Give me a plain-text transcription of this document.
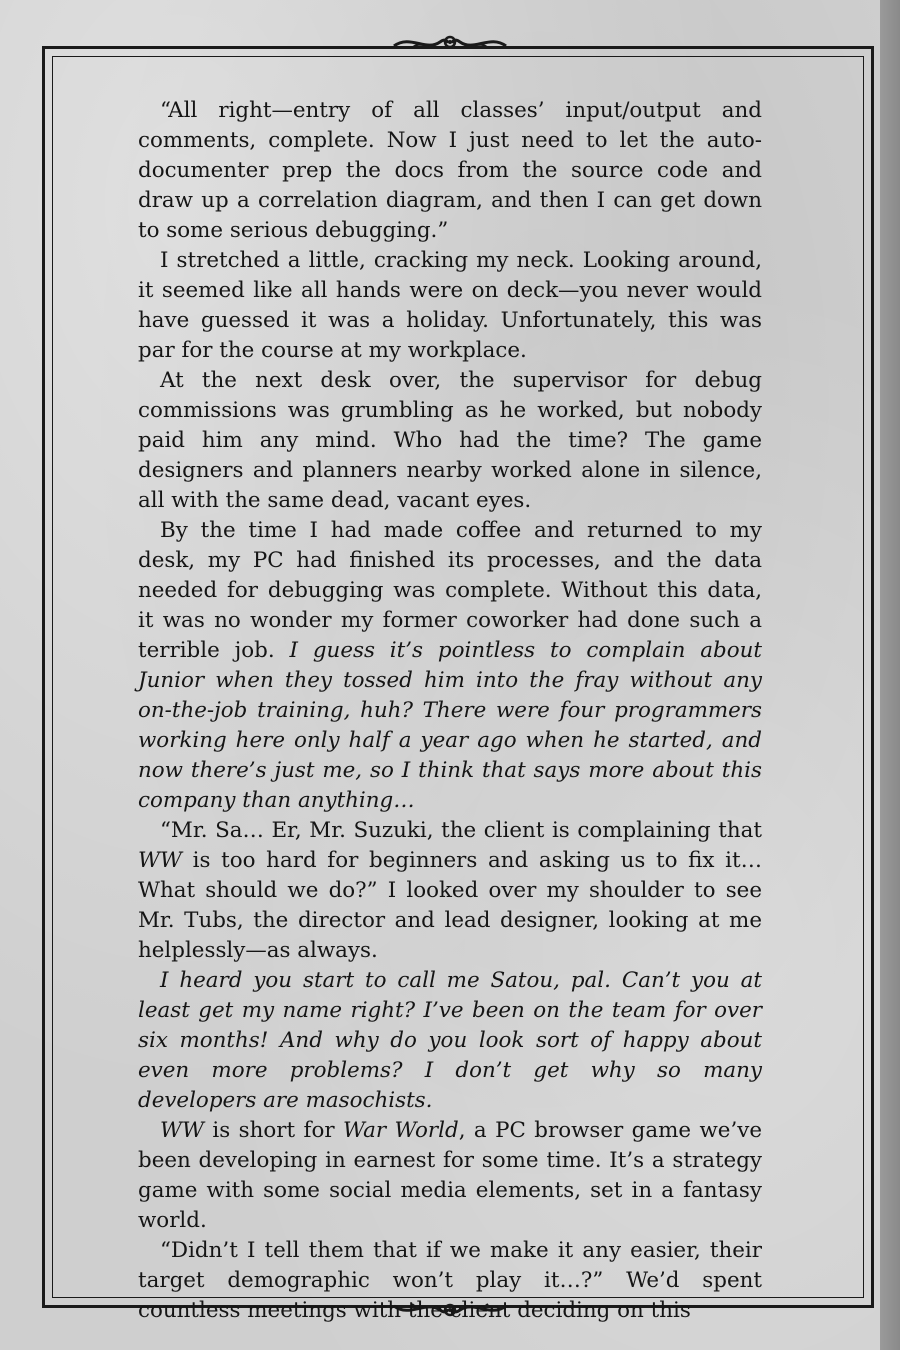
“All right—entry of all classes’ input/output and comments, complete. Now I just need to let the auto-documenter prep the docs from the source code and draw up a correlation diagram, and then I can get down to some serious debugging.”

I stretched a little, cracking my neck. Looking around, it seemed like all hands were on deck—you never would have guessed it was a holiday. Unfortunately, this was par for the course at my workplace.

At the next desk over, the supervisor for debug commissions was grumbling as he worked, but nobody paid him any mind. Who had the time? The game designers and planners nearby worked alone in silence, all with the same dead, vacant eyes.

By the time I had made coffee and returned to my desk, my PC had finished its processes, and the data needed for debugging was complete. Without this data, it was no wonder my former coworker had done such a terrible job. I guess it’s pointless to complain about Junior when they tossed him into the fray without any on-the-job training, huh? There were four programmers working here only half a year ago when he started, and now there’s just me, so I think that says more about this company than anything…

“Mr. Sa… Er, Mr. Suzuki, the client is complaining that WW is too hard for beginners and asking us to fix it… What should we do?” I looked over my shoulder to see Mr. Tubs, the director and lead designer, looking at me helplessly—as always.

I heard you start to call me Satou, pal. Can’t you at least get my name right? I’ve been on the team for over six months! And why do you look sort of happy about even more problems? I don’t get why so many developers are masochists.

WW is short for War World, a PC browser game we’ve been developing in earnest for some time. It’s a strategy game with some social media elements, set in a fantasy world.

“Didn’t I tell them that if we make it any easier, their target demographic won’t play it…?” We’d spent countless meetings with the client deciding on this
